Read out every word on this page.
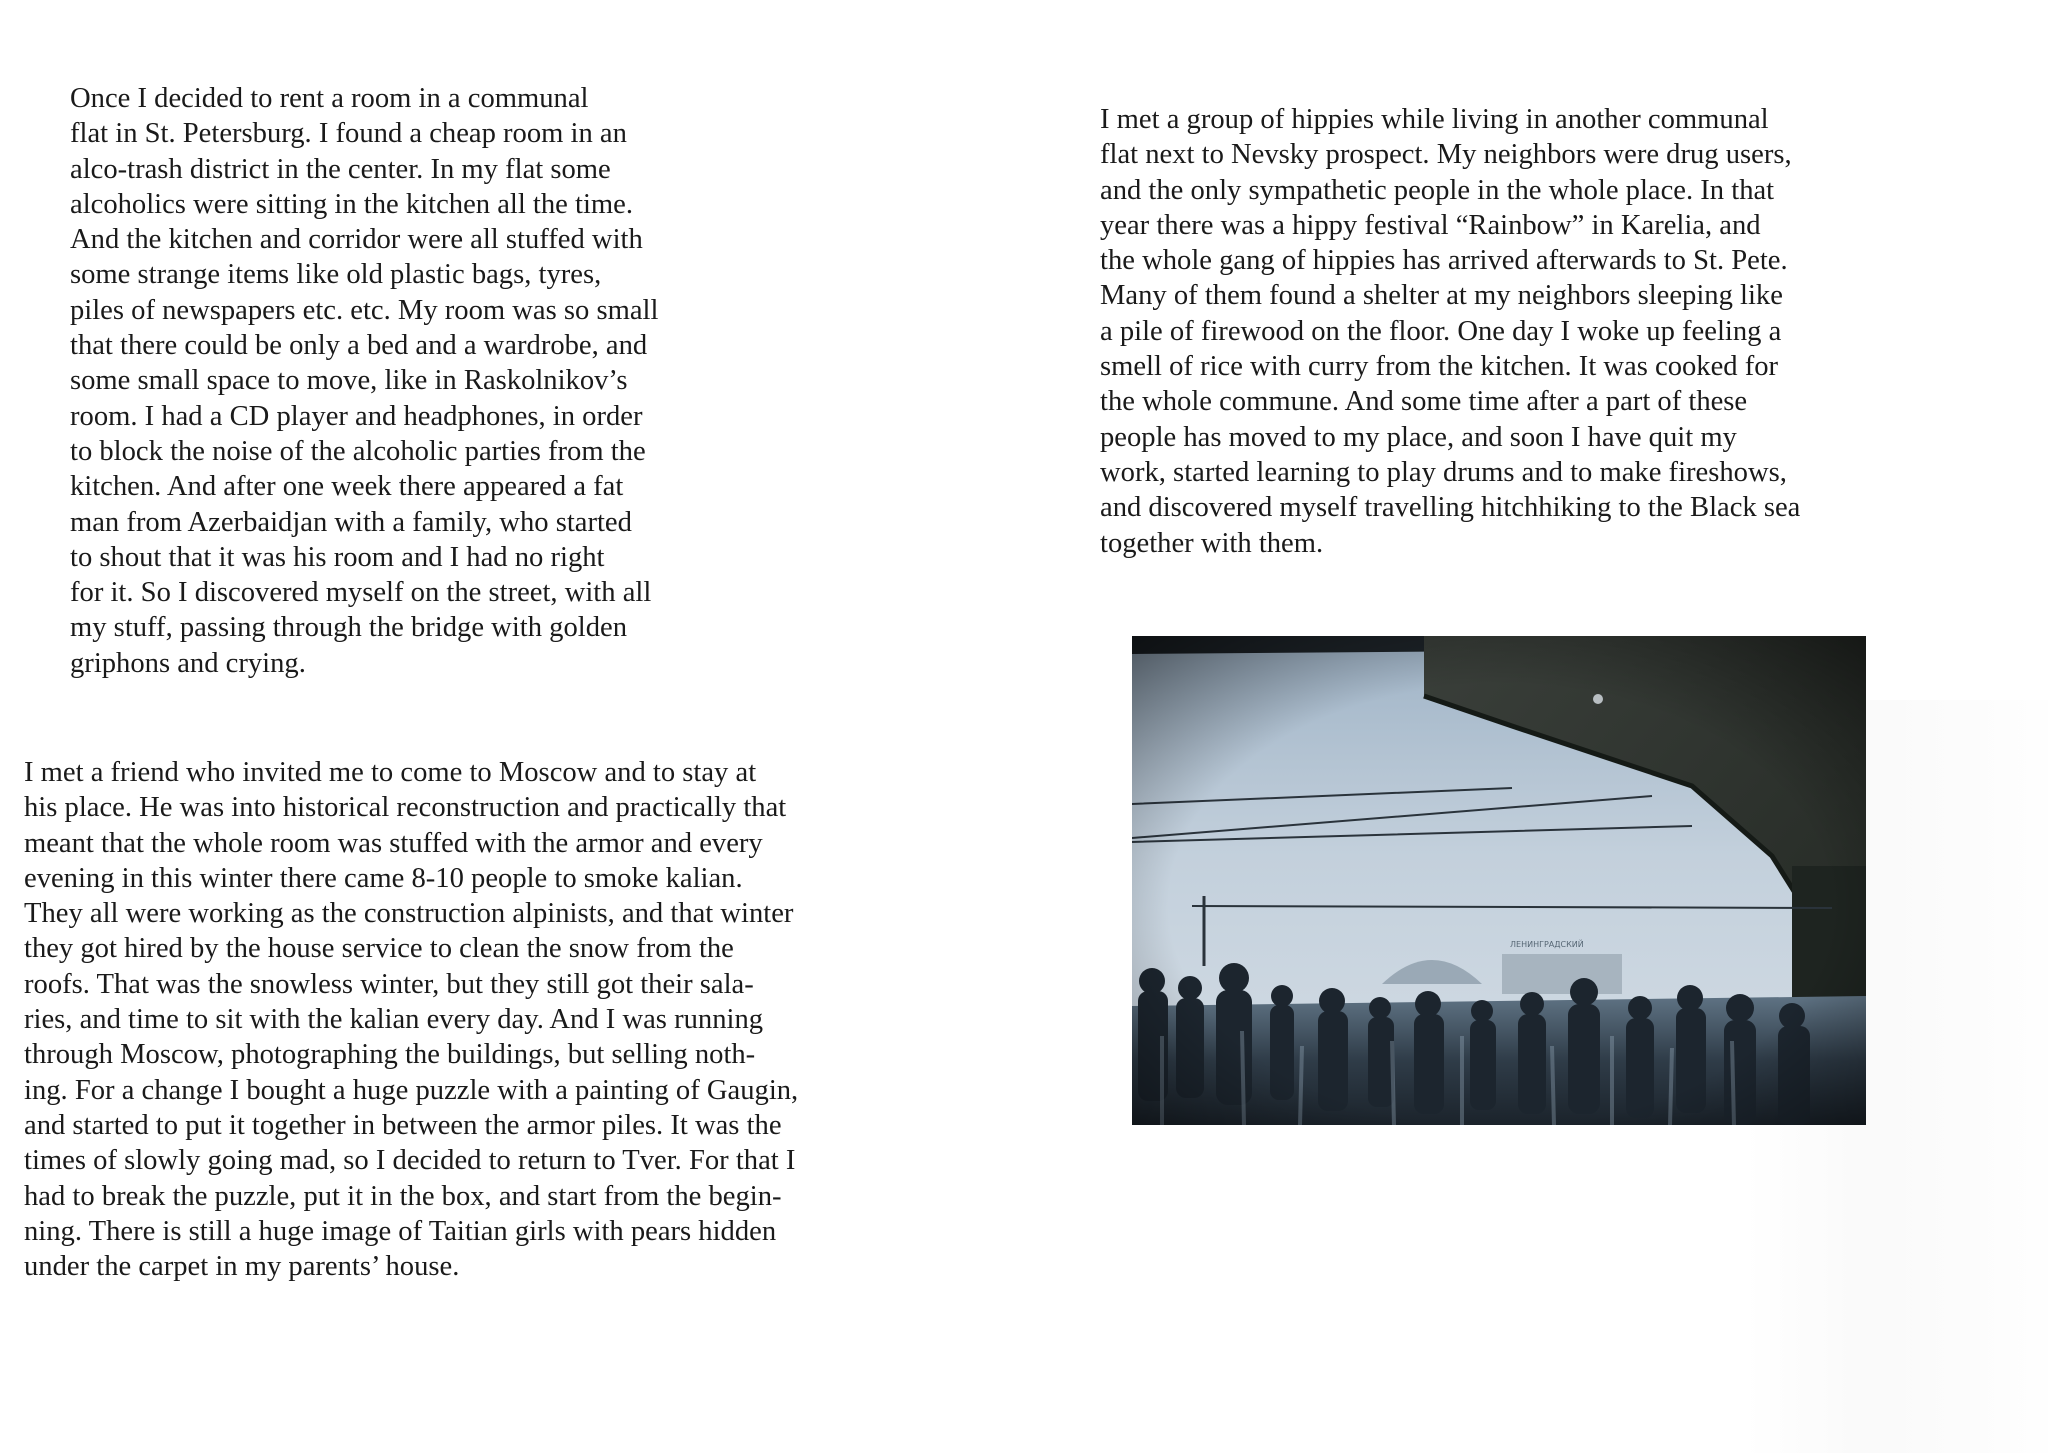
Once I decided to rent a room in a communal
flat in St. Petersburg. I found a cheap room in an
alco-trash district in the center. In my flat some
alcoholics were sitting in the kitchen all the time.
And the kitchen and corridor were all stuffed with
some strange items like old plastic bags, tyres,
piles of newspapers etc. etc. My room was so small
that there could be only a bed and a wardrobe, and
some small space to move, like in Raskolnikov’s
room. I had a CD player and headphones, in order
to block the noise of the alcoholic parties from the
kitchen. And after one week there appeared a fat
man from Azerbaidjan with a family, who started
to shout that it was his room and I had no right
for it. So I discovered myself on the street, with all
my stuff, passing through the bridge with golden
griphons and crying.
I met a friend who invited me to come to Moscow and to stay at
his place. He was into historical reconstruction and practically that
meant that the whole room was stuffed with the armor and every
evening in this winter there came 8-10 people to smoke kalian.
They all were working as the construction alpinists, and that winter
they got hired by the house service to clean the snow from the
roofs. That was the snowless winter, but they still got their sala-
ries, and time to sit with the kalian every day. And I was running
through Moscow, photographing the buildings, but selling noth-
ing. For a change I bought a huge puzzle with a painting of Gaugin,
and started to put it together in between the armor piles. It was the
times of slowly going mad, so I decided to return to Tver. For that I
had to break the puzzle, put it in the box, and start from the begin-
ning. There is still a huge image of Taitian girls with pears hidden
under the carpet in my parents’ house.
I met a group of hippies while living in another communal
flat next to Nevsky prospect. My neighbors were drug users,
and the only sympathetic people in the whole place. In that
year there was a hippy festival “Rainbow” in Karelia, and
the whole gang of hippies has arrived afterwards to St. Pete.
Many of them found a shelter at my neighbors sleeping like
a pile of firewood on the floor. One day I woke up feeling a
smell of rice with curry from the kitchen. It was cooked for
the whole commune. And some time after a part of these
people has moved to my place, and soon I have quit my
work, started learning to play drums and to make fireshows,
and discovered myself travelling hitchhiking to the Black sea
together with them.
